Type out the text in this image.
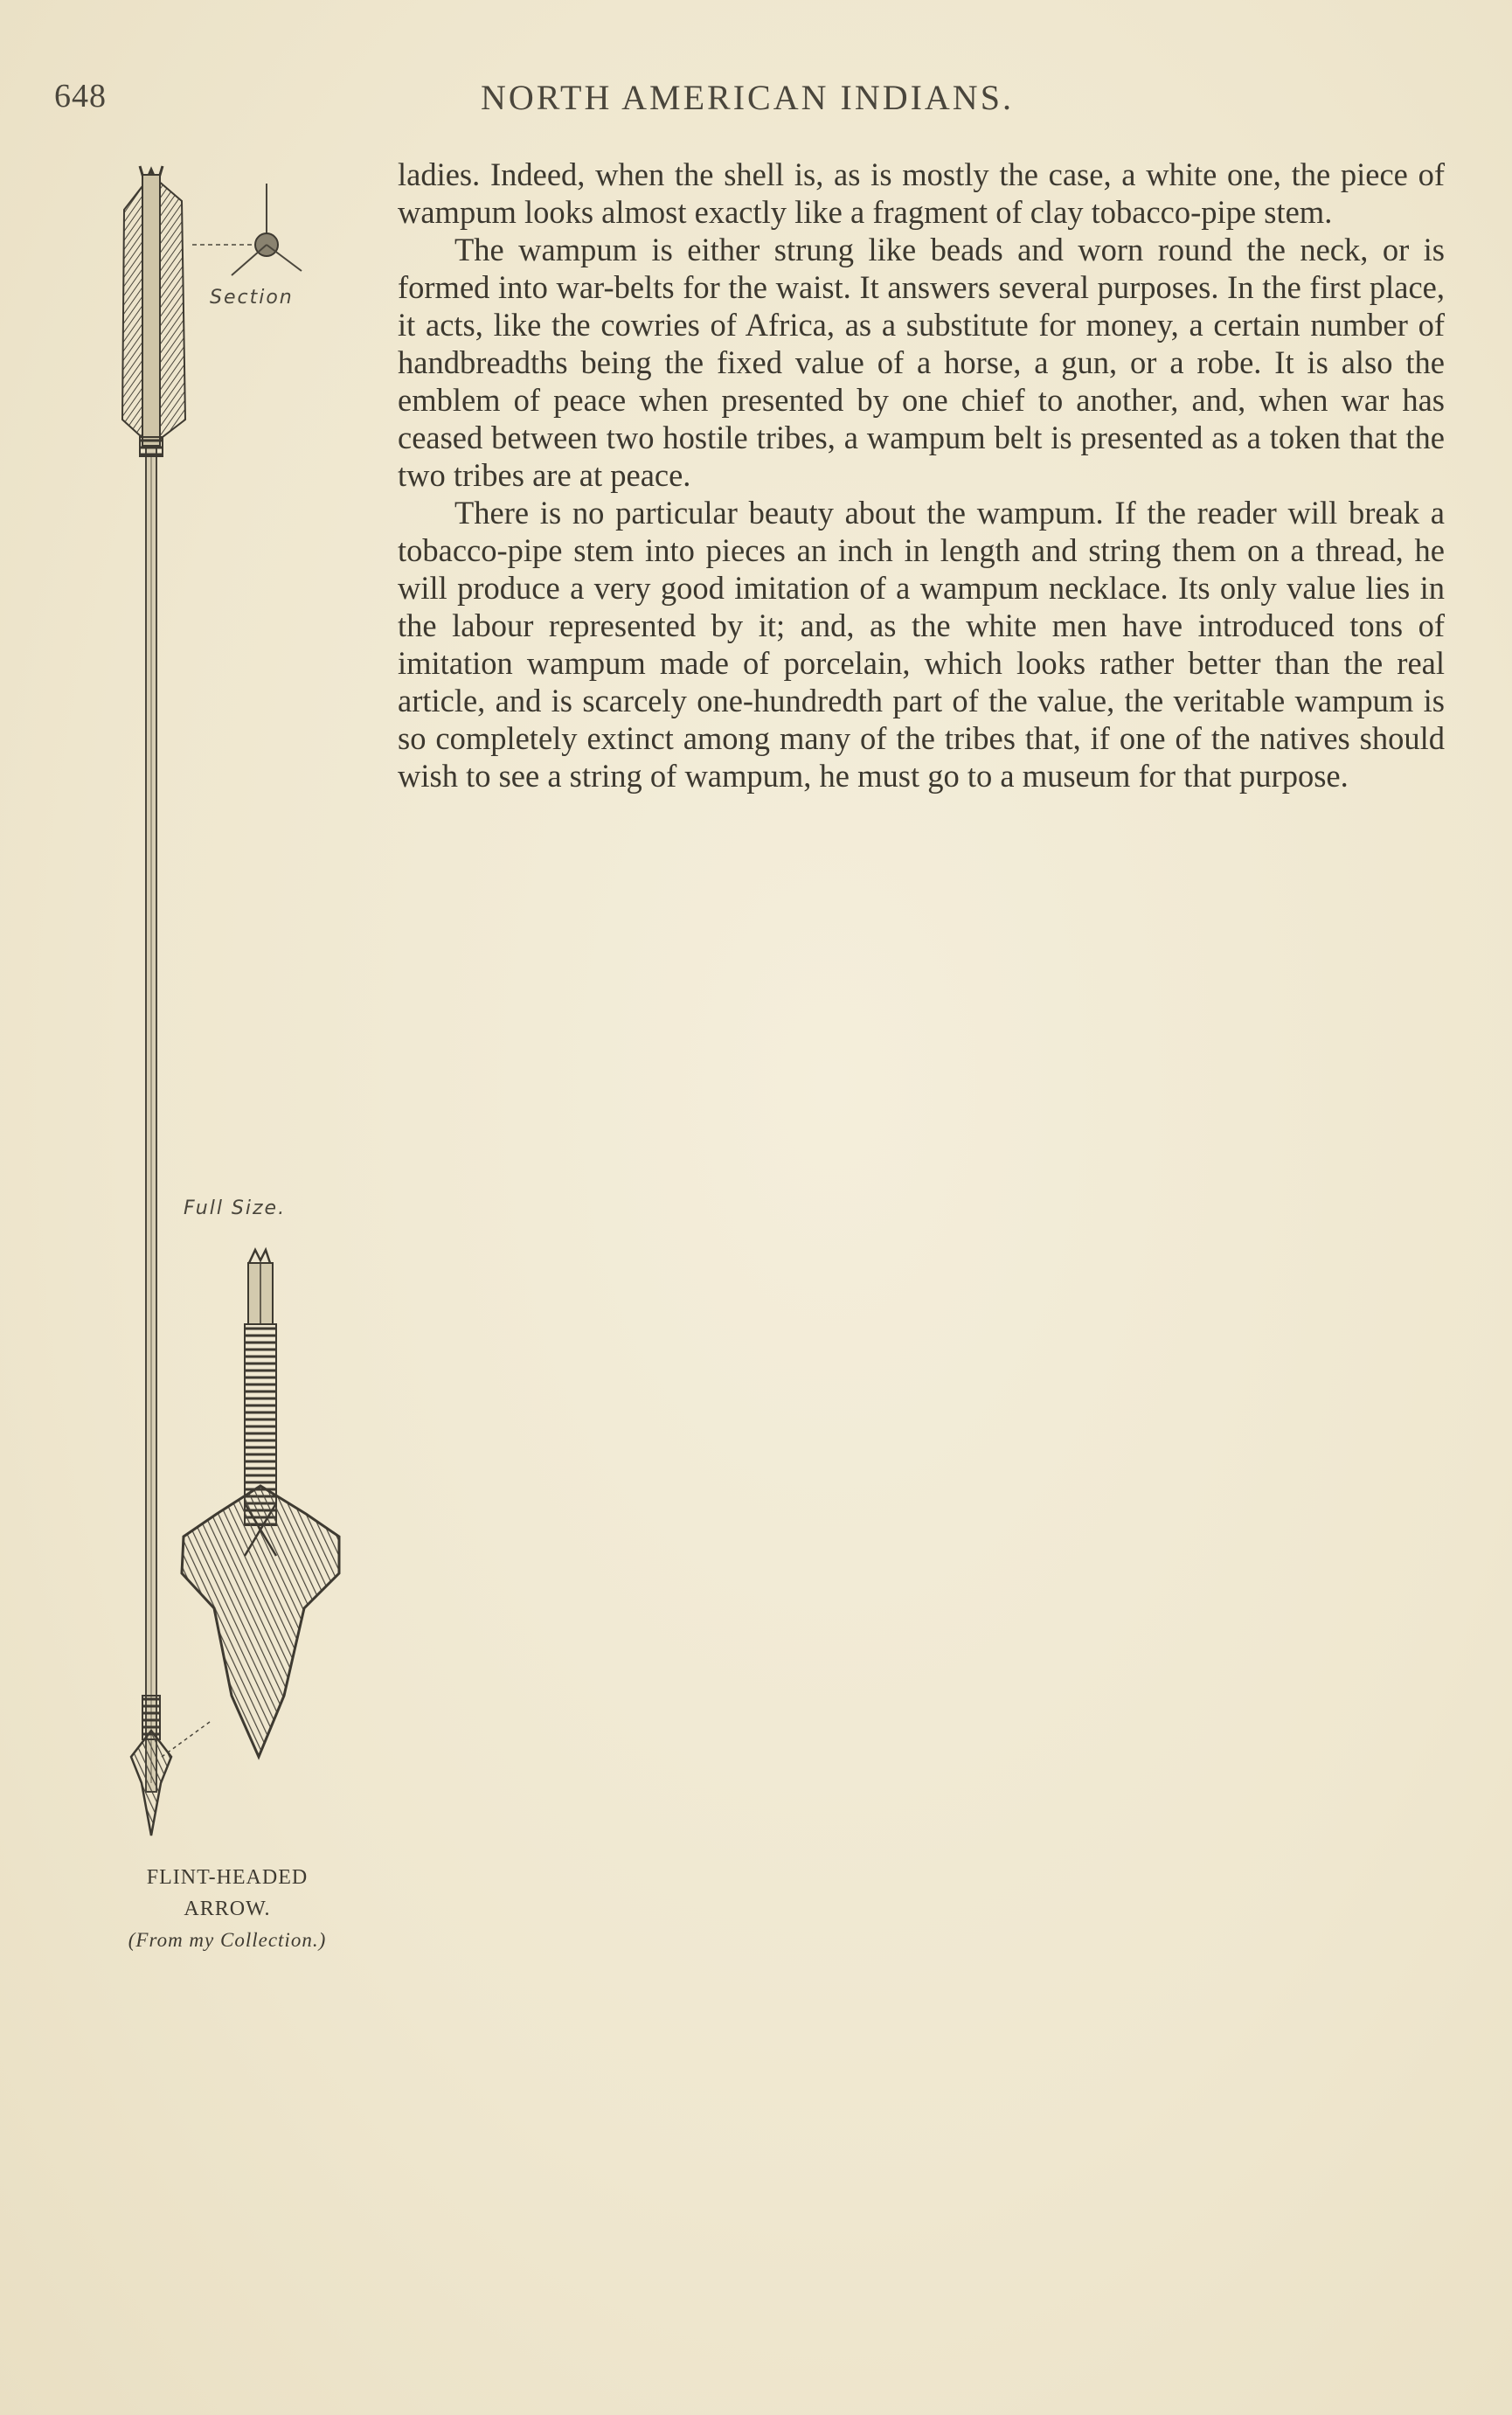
648	NORTH AMERICAN INDIANS.

ladies. Indeed, when the shell is, as is mostly the case, a white one, the piece of wampum looks almost exactly like a fragment of clay tobacco-pipe stem.

The wampum is either strung like beads and worn round the neck, or is formed into war-belts for the waist. It answers several purposes. In the first place, it acts, like the cowries of Africa, as a substitute for money, a certain number of handbreadths being the fixed value of a horse, a gun, or a robe. It is also the emblem of peace when presented by one chief to another, and, when war has ceased between two hostile tribes, a wampum belt is presented as a token that the two tribes are at peace.

There is no particular beauty about the wampum. If the reader will break a tobacco-pipe stem into pieces an inch in length and string them on a thread, he will produce a very good imitation of a wampum necklace. Its only value lies in the labour represented by it; and, as the white men have introduced tons of imitation wampum made of porcelain, which looks rather better than the real article, and is scarcely one-hundredth part of the value, the veritable wampum is so completely extinct among many of the tribes that, if one of the natives should wish to see a string of wampum, he must go to a museum for that purpose.

Section
Full Size.
FLINT-HEADED
ARROW.
(From my Collection.)
